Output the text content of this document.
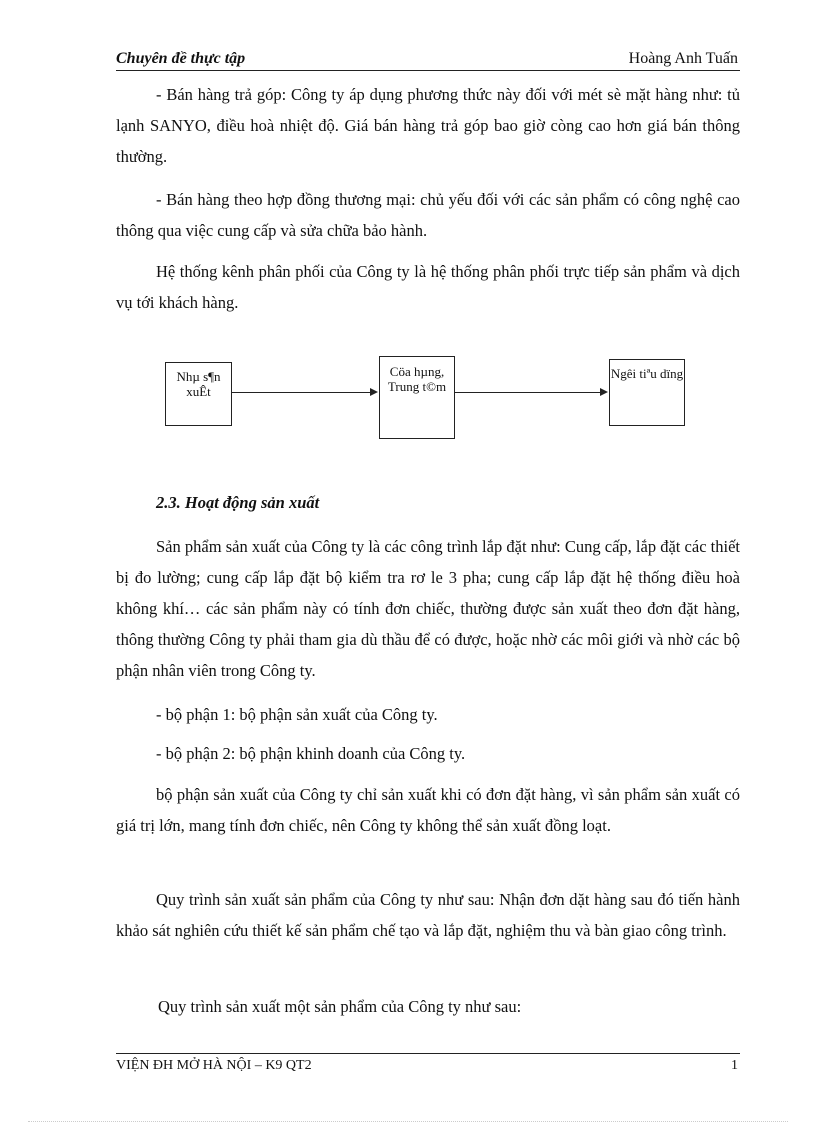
Chuyên đề thực tập	Hoàng Anh Tuấn

- Bán hàng trả góp: Công ty áp dụng phương thức này đối với mét sè mặt hàng như: tủ lạnh SANYO, điều hoà nhiệt độ. Giá bán hàng trả góp bao giờ còng cao hơn giá bán thông thường.

- Bán hàng theo hợp đồng thương mại: chủ yếu đối với các sản phẩm có công nghệ cao thông qua việc cung cấp và sửa chữa bảo hành.

Hệ thống kênh phân phối của Công ty là hệ thống phân phối trực tiếp sản phẩm và dịch vụ tới khách hàng.

Nhµ s¶n xuÊt
Cöa hµng, Trung t©m
Ngêi tiªu dïng

2.3. Hoạt động sản xuất

Sản phẩm sản xuất của Công ty là các công trình lắp đặt như: Cung cấp, lắp đặt các thiết bị đo lường; cung cấp lắp đặt bộ kiểm tra rơ le 3 pha; cung cấp lắp đặt hệ thống điều hoà không khí… các sản phẩm này có tính đơn chiếc, thường được sản xuất theo đơn đặt hàng, thông thường Công ty phải tham gia dù thầu để có được, hoặc nhờ các môi giới và nhờ các bộ phận nhân viên trong Công ty.

- bộ phận 1: bộ phận sản xuất của Công ty.

- bộ phận 2: bộ phận khinh doanh của Công ty.

bộ phận sản xuất của Công ty chỉ sản xuất khi có đơn đặt hàng, vì sản phẩm sản xuất có giá trị lớn, mang tính đơn chiếc, nên Công ty không thể sản xuất đồng loạt.

Quy trình sản xuất sản phẩm của Công ty như sau: Nhận đơn dặt hàng sau đó tiến hành khảo sát nghiên cứu thiết kế sản phẩm chế tạo và lắp đặt, nghiệm thu và bàn giao công trình.

Quy trình sản xuất một sản phẩm của Công ty như sau:

VIỆN ĐH MỞ HÀ NỘI – K9 QT2	1
